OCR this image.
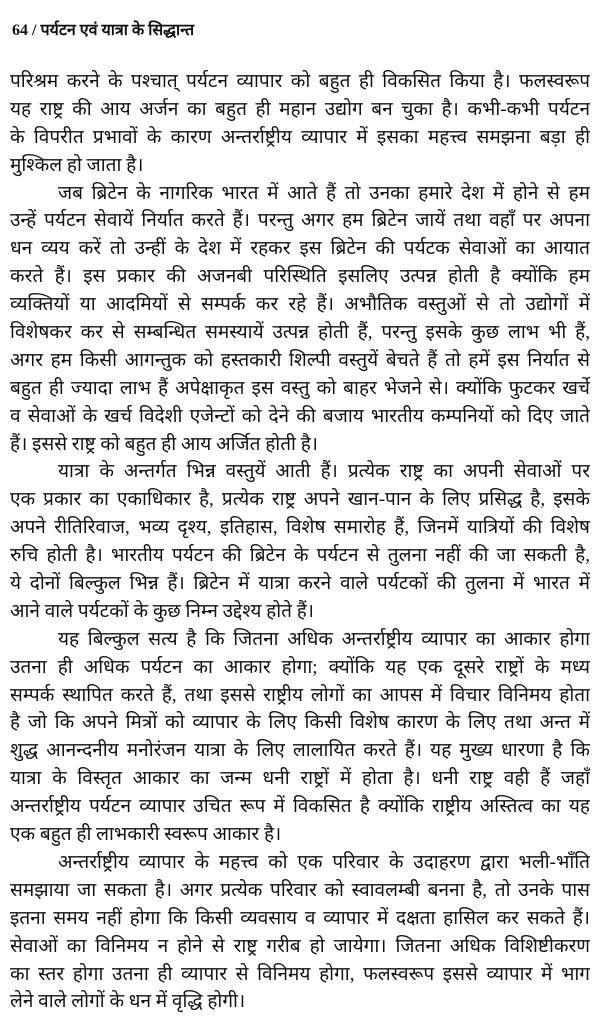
64 / पर्यटन एवं यात्रा के सिद्धान्त
परिश्रम करने के पश्चात् पर्यटन व्यापार को बहुत ही विकसित किया है। फलस्वरूप
यह राष्ट्र की आय अर्जन का बहुत ही महान उद्योग बन चुका है। कभी-कभी पर्यटन
के विपरीत प्रभावों के कारण अन्तर्राष्ट्रीय व्यापार में इसका महत्त्व समझना बड़ा ही
मुश्किल हो जाता है।
जब ब्रिटेन के नागरिक भारत में आते हैं तो उनका हमारे देश में होने से हम
उन्हें पर्यटन सेवायें निर्यात करते हैं। परन्तु अगर हम ब्रिटेन जायें तथा वहाँ पर अपना
धन व्यय करें तो उन्हीं के देश में रहकर इस ब्रिटेन की पर्यटक सेवाओं का आयात
करते हैं। इस प्रकार की अजनबी परिस्थिति इसलिए उत्पन्न होती है क्योंकि हम
व्यक्तियों या आदमियों से सम्पर्क कर रहे हैं। अभौतिक वस्तुओं से तो उद्योगों में
विशेषकर कर से सम्बन्धित समस्यायें उत्पन्न होती हैं, परन्तु इसके कुछ लाभ भी हैं,
अगर हम किसी आगन्तुक को हस्तकारी शिल्पी वस्तुयें बेचते हैं तो हमें इस निर्यात से
बहुत ही ज्यादा लाभ हैं अपेक्षाकृत इस वस्तु को बाहर भेजने से। क्योंकि फुटकर खर्चे
व सेवाओं के खर्च विदेशी एजेन्टों को देने की बजाय भारतीय कम्पनियों को दिए जाते
हैं। इससे राष्ट्र को बहुत ही आय अर्जित होती है।
यात्रा के अन्तर्गत भिन्न वस्तुयें आती हैं। प्रत्येक राष्ट्र का अपनी सेवाओं पर
एक प्रकार का एकाधिकार है, प्रत्येक राष्ट्र अपने खान-पान के लिए प्रसिद्ध है, इसके
अपने रीतिरिवाज, भव्य दृश्य, इतिहास, विशेष समारोह हैं, जिनमें यात्रियों की विशेष
रुचि होती है। भारतीय पर्यटन की ब्रिटेन के पर्यटन से तुलना नहीं की जा सकती है,
ये दोनों बिल्कुल भिन्न हैं। ब्रिटेन में यात्रा करने वाले पर्यटकों की तुलना में भारत में
आने वाले पर्यटकों के कुछ निम्न उद्देश्य होते हैं।
यह बिल्कुल सत्य है कि जितना अधिक अन्तर्राष्ट्रीय व्यापार का आकार होगा
उतना ही अधिक पर्यटन का आकार होगा; क्योंकि यह एक दूसरे राष्ट्रों के मध्य
सम्पर्क स्थापित करते हैं, तथा इससे राष्ट्रीय लोगों का आपस में विचार विनिमय होता
है जो कि अपने मित्रों को व्यापार के लिए किसी विशेष कारण के लिए तथा अन्त में
शुद्ध आनन्दनीय मनोरंजन यात्रा के लिए लालायित करते हैं। यह मुख्य धारणा है कि
यात्रा के विस्तृत आकार का जन्म धनी राष्ट्रों में होता है। धनी राष्ट्र वही हैं जहाँ
अन्तर्राष्ट्रीय पर्यटन व्यापार उचित रूप में विकसित है क्योंकि राष्ट्रीय अस्तित्व का यह
एक बहुत ही लाभकारी स्वरूप आकार है।
अन्तर्राष्ट्रीय व्यापार के महत्त्व को एक परिवार के उदाहरण द्वारा भली-भाँति
समझाया जा सकता है। अगर प्रत्येक परिवार को स्वावलम्बी बनना है, तो उनके पास
इतना समय नहीं होगा कि किसी व्यवसाय व व्यापार में दक्षता हासिल कर सकते हैं।
सेवाओं का विनिमय न होने से राष्ट्र गरीब हो जायेगा। जितना अधिक विशिष्टीकरण
का स्तर होगा उतना ही व्यापार से विनिमय होगा, फलस्वरूप इससे व्यापार में भाग
लेने वाले लोगों के धन में वृद्धि होगी।
